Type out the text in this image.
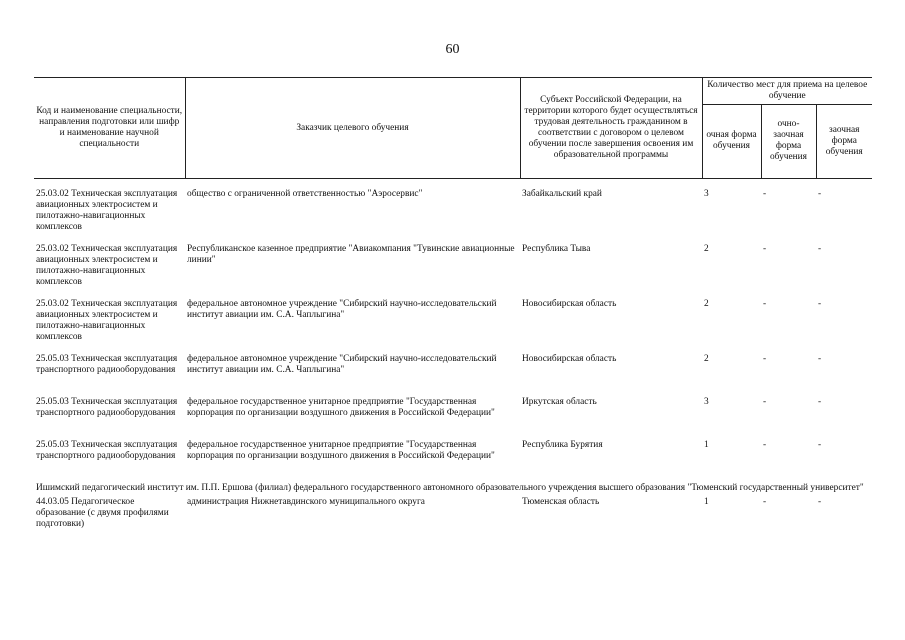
60
Код и наименование специальности, направления подготовки или шифр и наименование научной специальности	Заказчик целевого обучения	Субъект Российской Федерации, на территории которого будет осуществляться трудовая деятельность гражданином в соответствии с договором о целевом обучении после завершения освоения им образовательной программы	Количество мест для приема на целевое обучение		
			очная форма обучения	очно-заочная форма обучения	заочная форма обучения

25.03.02 Техническая эксплуатация авиационных электросистем и пилотажно-навигационных комплексов	общество с ограниченной ответственностью "Аэросервис"	Забайкальский край	3	-	-
25.03.02 Техническая эксплуатация авиационных электросистем и пилотажно-навигационных комплексов	Республиканское казенное предприятие "Авиакомпания "Тувинские авиационные линии"	Республика Тыва	2	-	-
25.03.02 Техническая эксплуатация авиационных электросистем и пилотажно-навигационных комплексов	федеральное автономное учреждение "Сибирский научно-исследовательский институт авиации им. С.А. Чаплыгина"	Новосибирская область	2	-	-
25.05.03 Техническая эксплуатация транспортного радиооборудования	федеральное автономное учреждение "Сибирский научно-исследовательский институт авиации им. С.А. Чаплыгина"	Новосибирская область	2	-	-
25.05.03 Техническая эксплуатация транспортного радиооборудования	федеральное государственное унитарное предприятие "Государственная корпорация по организации воздушного движения в Российской Федерации"	Иркутская область	3	-	-
25.05.03 Техническая эксплуатация транспортного радиооборудования	федеральное государственное унитарное предприятие "Государственная корпорация по организации воздушного движения в Российской Федерации"	Республика Бурятия	1	-	-
Ишимский педагогический институт им. П.П. Ершова (филиал) федерального государственного автономного образовательного учреждения высшего образования "Тюменский государственный университет"					
44.03.05 Педагогическое образование (с двумя профилями подготовки)	администрация Нижнетавдинского муниципального округа	Тюменская область	1	-	-
